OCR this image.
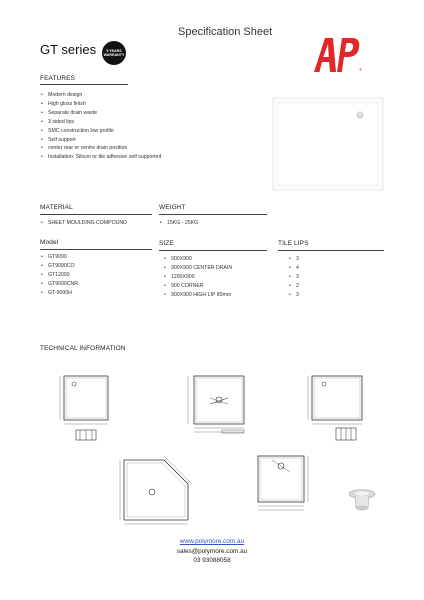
Specification Sheet
GT series	5 YEARS
WARRANTY
®
FEATURES
• Modern design
• High gloss finish
• Separate drain waste
• 3 sided lips
• SMC construction low profile
• Self support
• center rear or centre drain position
• Installation: Silicon or tile adhesive self supported
MATERIAL
• SHEET MOULDING COMPOUND
WEIGHT
• 15KG - 25KG
Model
• GT9090
• GT9090CO
• GT12090
• GT9090CNR
• GT-9090H
SIZE
• 900X900
• 900X900 CENTER DRAIN
• 1200X900
• 900 CORNER
• 900X900 HIGH LIP 80mm
TILE LIPS
• 3
• 4
• 3
• 2
• 3
TECHNICAL INFORMATION
www.polymore.com.au
sales@polymore.com.au
03 93088058
